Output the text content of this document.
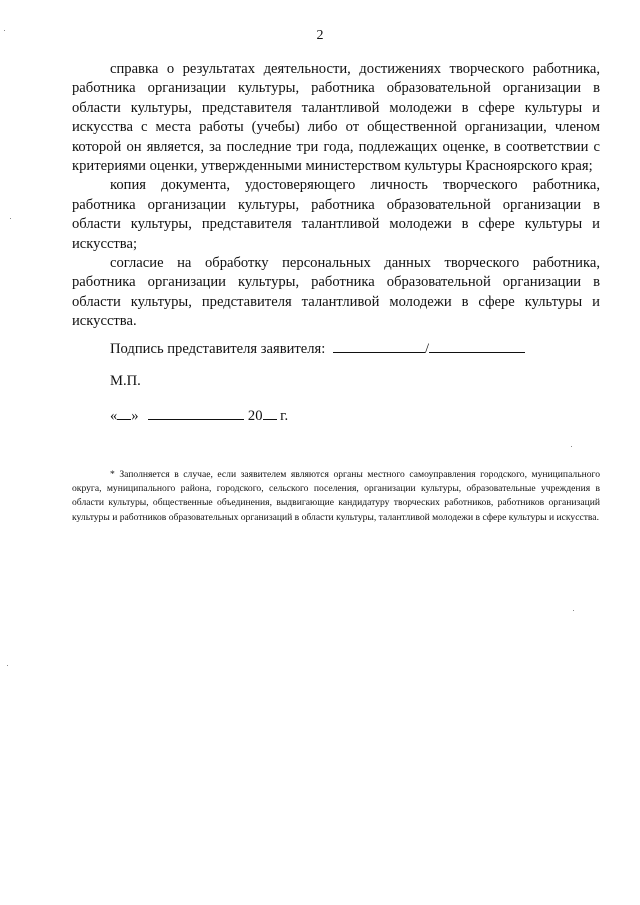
2

справка о результатах деятельности, достижениях творческого работника, работника организации культуры, работника образовательной организации в области культуры, представителя талантливой молодежи в сфере культуры и искусства с места работы (учебы) либо от общественной организации, членом которой он является, за последние три года, подлежащих оценке, в соответствии с критериями оценки, утвержденными министерством культуры Красноярского края;

копия документа, удостоверяющего личность творческого работника, работника организации культуры, работника образовательной организации в области культуры, представителя талантливой молодежи в сфере культуры и искусства;

согласие на обработку персональных данных творческого работника, работника организации культуры, работника образовательной организации в области культуры, представителя талантливой молодежи в сфере культуры и искусства.

Подпись представителя заявителя:	/
М.П.
« »	20 г.
* Заполняется в случае, если заявителем являются органы местного самоуправления городского, муниципального округа, муниципального района, городского, сельского поселения, организации культуры, образовательные учреждения в области культуры, общественные объединения, выдвигающие кандидатуру творческих работников, работников организаций культуры и работников образовательных организаций в области культуры, талантливой молодежи в сфере культуры и искусства.
